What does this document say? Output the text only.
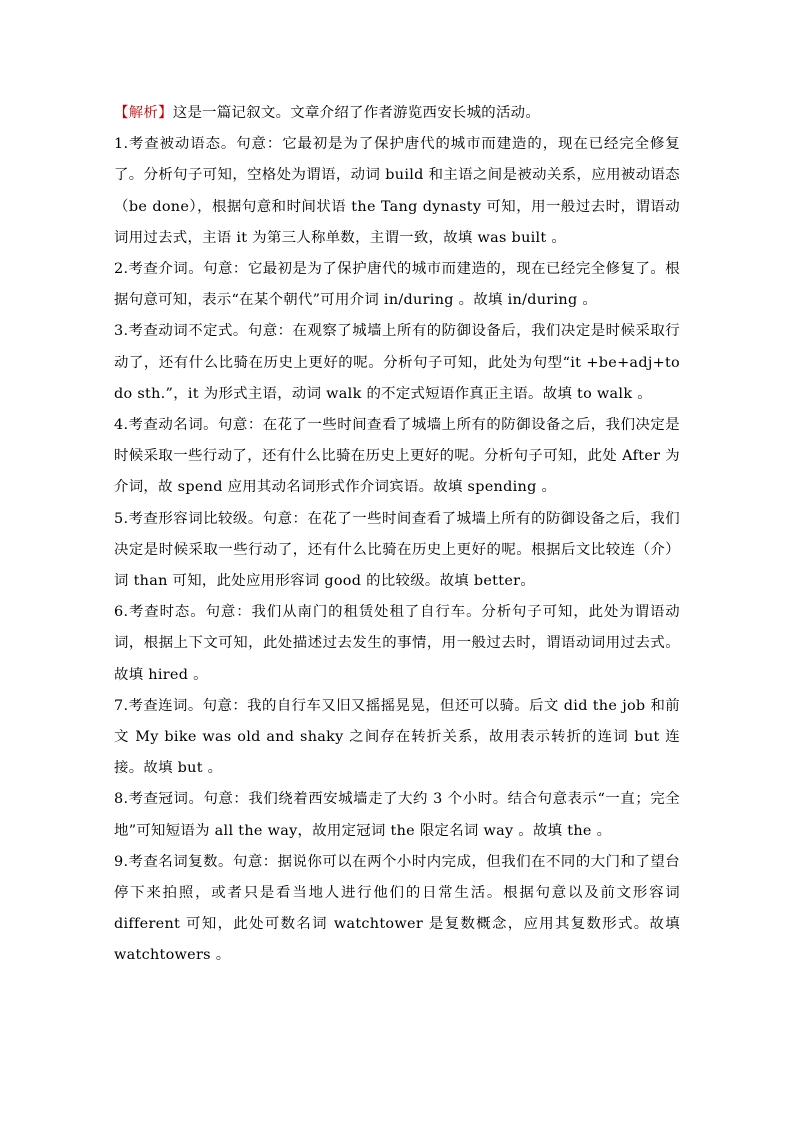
【解析】这是一篇记叙文。文章介绍了作者游览西安长城的活动。

1.考查被动语态。句意：它最初是为了保护唐代的城市而建造的，现在已经完全修复了。分析句子可知，空格处为谓语，动词 build 和主语之间是被动关系，应用被动语态（be done），根据句意和时间状语 the Tang dynasty 可知，用一般过去时，谓语动词用过去式，主语 it 为第三人称单数，主谓一致，故填 was built 。

2.考查介词。句意：它最初是为了保护唐代的城市而建造的，现在已经完全修复了。根据句意可知，表示“在某个朝代”可用介词 in/during 。故填 in/during 。

3.考查动词不定式。句意：在观察了城墙上所有的防御设备后，我们决定是时候采取行动了，还有什么比骑在历史上更好的呢。分析句子可知，此处为句型“it +be+adj+to do sth.”，it 为形式主语，动词 walk 的不定式短语作真正主语。故填 to walk 。

4.考查动名词。句意：在花了一些时间查看了城墙上所有的防御设备之后，我们决定是时候采取一些行动了，还有什么比骑在历史上更好的呢。分析句子可知，此处 After 为介词，故 spend 应用其动名词形式作介词宾语。故填 spending 。

5.考查形容词比较级。句意：在花了一些时间查看了城墙上所有的防御设备之后，我们决定是时候采取一些行动了，还有什么比骑在历史上更好的呢。根据后文比较连（介）词 than 可知，此处应用形容词 good 的比较级。故填 better。

6.考查时态。句意：我们从南门的租赁处租了自行车。分析句子可知，此处为谓语动词，根据上下文可知，此处描述过去发生的事情，用一般过去时，谓语动词用过去式。故填 hired 。

7.考查连词。句意：我的自行车又旧又摇摇晃晃，但还可以骑。后文 did the job 和前文 My bike was old and shaky 之间存在转折关系，故用表示转折的连词 but 连接。故填 but 。

8.考查冠词。句意：我们绕着西安城墙走了大约 3 个小时。结合句意表示“一直；完全地”可知短语为 all the way，故用定冠词 the 限定名词 way 。故填 the 。

9.考查名词复数。句意：据说你可以在两个小时内完成，但我们在不同的大门和了望台停下来拍照，或者只是看当地人进行他们的日常生活。根据句意以及前文形容词 different 可知，此处可数名词 watchtower 是复数概念，应用其复数形式。故填 watchtowers 。
